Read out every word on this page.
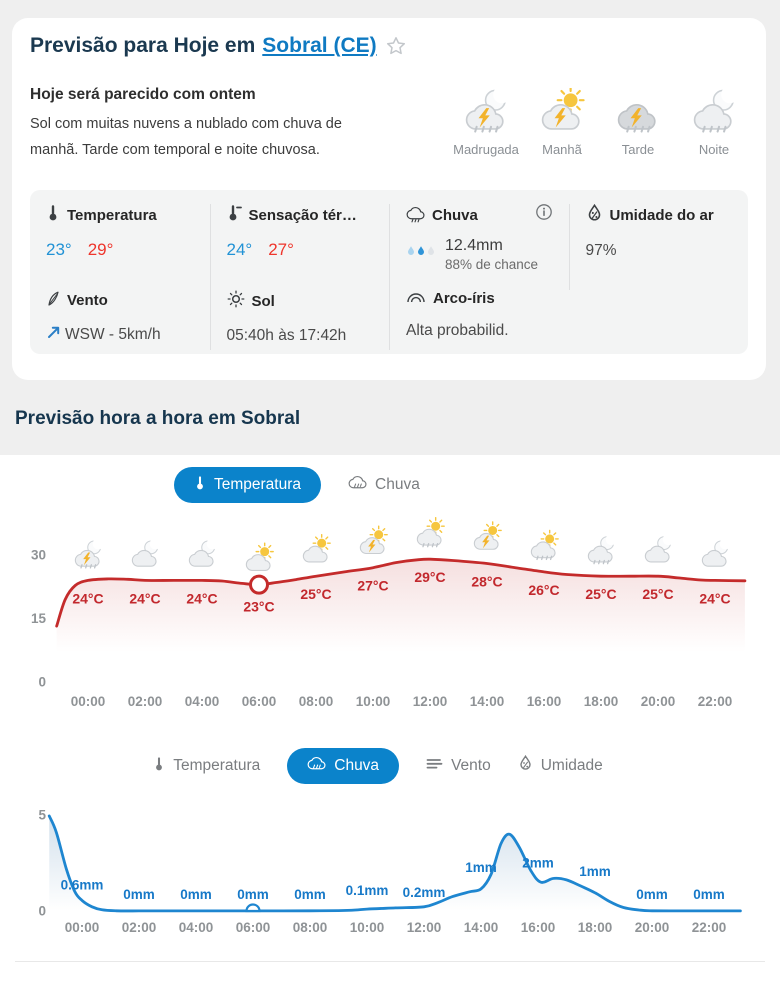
Previsão para Hoje em Sobral (CE)
Hoje será parecido com ontem

Sol com muitas nuvens a nublado com chuva de manhã. Tarde com temporal e noite chuvosa.	Madrugada Manhã	Tarde	Noite
Temperatura
23° 29°
Sensação tér…
24° 27°
Chuva
12.4mm
88% de chance
Umidade do ar
97%
Vento
WSW - 5km/h
Sol
05:40h às 17:42h
Arco-íris
Alta probabilid.
Previsão hora a hora em Sobral
Temperatura	Chuva
30
15
0
00:00 02:00 04:00 06:00 08:00 10:00 12:00 14:00 16:00 18:00 20:00 22:00
24°C 24°C 24°C
23°C
25°C
27°C
29°C 28°C
26°C 25°C 25°C 24°C
Temperatura	Chuva	Vento	Umidade
5
0
00:00 02:00 04:00 06:00 08:00 10:00 12:00 14:00 16:00 18:00 20:00 22:00
0.6mm
0mm 0mm 0mm 0mm 0.1mm 0.2mm
1mm 2mm
1mm
0mm 0mm
